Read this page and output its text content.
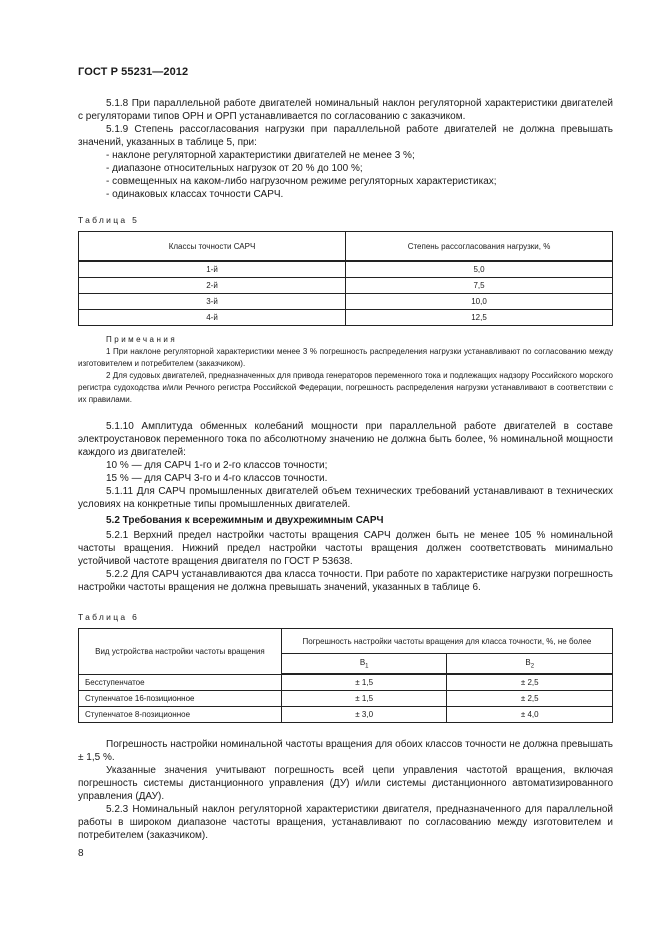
ГОСТ Р 55231—2012

5.1.8 При параллельной работе двигателей номинальный наклон регуляторной характеристики двигателей с регуляторами типов ОРН и ОРП устанавливается по согласованию с заказчиком.

5.1.9 Степень рассогласования нагрузки при параллельной работе двигателей не должна превышать значений, указанных в таблице 5, при:

- наклоне регуляторной характеристики двигателей не менее 3 %;

- диапазоне относительных нагрузок от 20 % до 100 %;

- совмещенных на каком-либо нагрузочном режиме регуляторных характеристиках;

- одинаковых классах точности САРЧ.

Таблица 5
Классы точности САРЧ	Степень рассогласования нагрузки, %
1-й	5,0
2-й	7,5
3-й	10,0
4-й	12,5

Примечания

1 При наклоне регуляторной характеристики менее 3 % погрешность распределения нагрузки устанавливают по согласованию между изготовителем и потребителем (заказчиком).

2 Для судовых двигателей, предназначенных для привода генераторов переменного тока и подлежащих надзору Российского морского регистра судоходства и/или Речного регистра Российской Федерации, погрешность распределения нагрузки устанавливают в соответствии с их правилами.

5.1.10 Амплитуда обменных колебаний мощности при параллельной работе двигателей в составе электроустановок переменного тока по абсолютному значению не должна быть более, % номинальной мощности каждого из двигателей:

10 % — для САРЧ 1-го и 2-го классов точности;

15 % — для САРЧ 3-го и 4-го классов точности.

5.1.11 Для САРЧ промышленных двигателей объем технических требований устанавливают в технических условиях на конкретные типы промышленных двигателей.

5.2 Требования к всережимным и двухрежимным САРЧ

5.2.1 Верхний предел настройки частоты вращения САРЧ должен быть не менее 105 % номинальной частоты вращения. Нижний предел настройки частоты вращения должен соответствовать минимально устойчивой частоте вращения двигателя по ГОСТ Р 53638.

5.2.2 Для САРЧ устанавливаются два класса точности. При работе по характеристике нагрузки погрешность настройки частоты вращения не должна превышать значений, указанных в таблице 6.

Таблица 6
Вид устройства настройки частоты вращения	Погрешность настройки частоты вращения для класса точности, %, не более	
	$В_1$	$В_2$
Бесступенчатое	± 1,5	± 2,5
Ступенчатое 16-позиционное	± 1,5	± 2,5
Ступенчатое 8-позиционное	± 3,0	± 4,0

Погрешность настройки номинальной частоты вращения для обоих классов точности не должна превышать ± 1,5 %.

Указанные значения учитывают погрешность всей цепи управления частотой вращения, включая погрешность системы дистанционного управления (ДУ) и/или системы дистанционного автоматизированного управления (ДАУ).

5.2.3 Номинальный наклон регуляторной характеристики двигателя, предназначенного для параллельной работы в широком диапазоне частоты вращения, устанавливают по согласованию между изготовителем и потребителем (заказчиком).

8
